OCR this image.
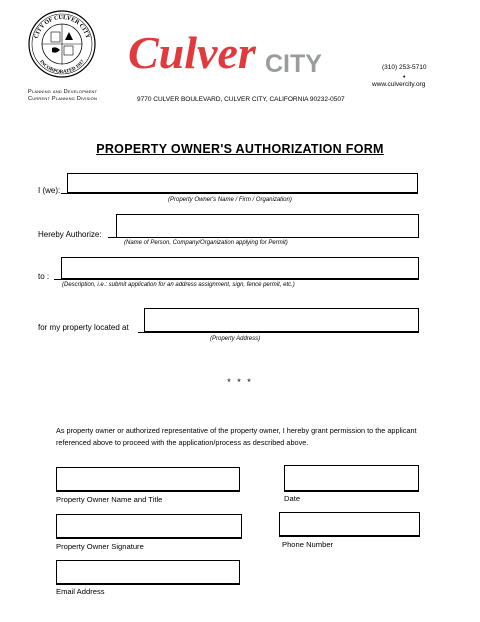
CITY OF CULVER CITY
INCORPORATED 1917 Culver CITY	(310) 253-5710
•
www.culvercity.org
Planning and Development
Current Planning Division	9770 CULVER BOULEVARD, CULVER CITY, CALIFORNIA 90232-0507
PROPERTY OWNER'S AUTHORIZATION FORM
I (we):
(Property Owner's Name / Firm / Organization)
Hereby Authorize:
(Name of Person, Company/Organization applying for Permit)
to :
(Description, i.e.: submit application for an address assignment, sign, fence permit, etc.)
for my property located at
(Property Address)
* * *
As property owner or authorized representative of the property owner, I hereby grant permission to the applicant referenced above to proceed with the application/process as described above.
Property Owner Name and Title	Date
Property Owner Signature	Phone Number
Email Address
